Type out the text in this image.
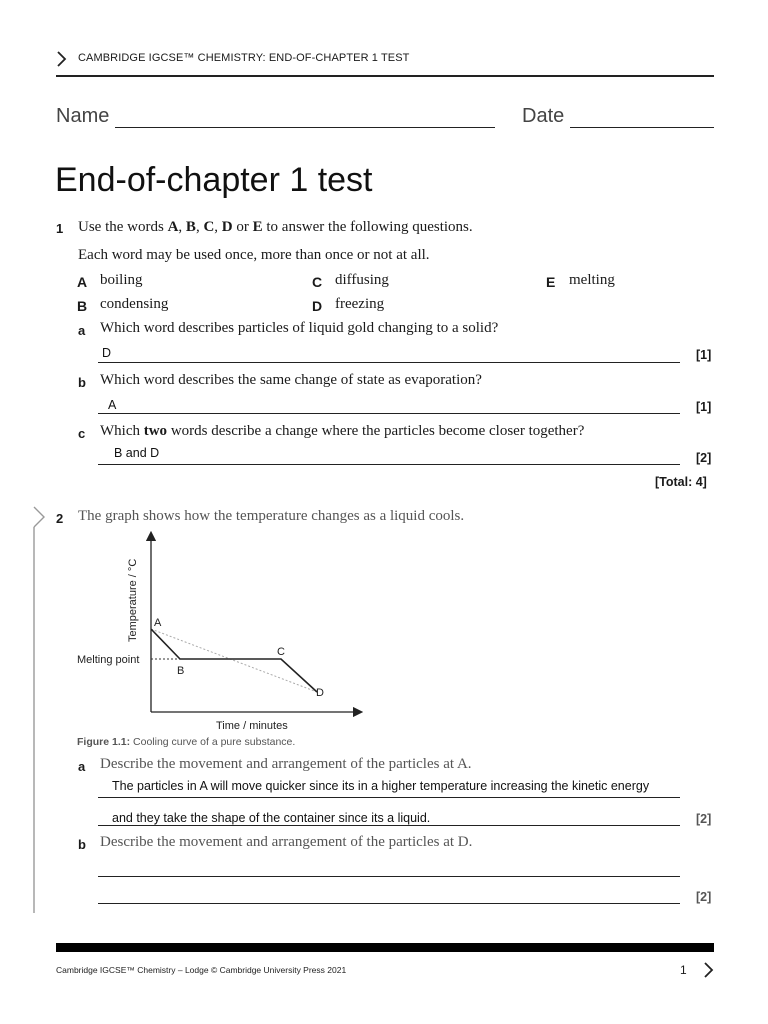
CAMBRIDGE IGCSE™ CHEMISTRY: END-OF-CHAPTER 1 TEST
Name	Date
End-of-chapter 1 test
1 Use the words A, B, C, D or E to answer the following questions.
Each word may be used once, more than once or not at all.
A boiling
B condensing
C diffusing
D freezing
E melting
a Which word describes particles of liquid gold changing to a solid?
D	[1]
b Which word describes the same change of state as evaporation?
A	[1]
c Which two words describe a change where the particles become closer together?
B and D	[2]
[Total: 4]
2 The graph shows how the temperature changes as a liquid cools.
A
B
C
D
Melting point
Temperature / °C
Time / minutes
Figure 1.1: Cooling curve of a pure substance.
a Describe the movement and arrangement of the particles at A.
The particles in A will move quicker since its in a higher temperature increasing the kinetic energy
and they take the shape of the container since its a liquid.	[2]
b Describe the movement and arrangement of the particles at D.
[2]
Cambridge IGCSE™ Chemistry – Lodge © Cambridge University Press 2021	1
